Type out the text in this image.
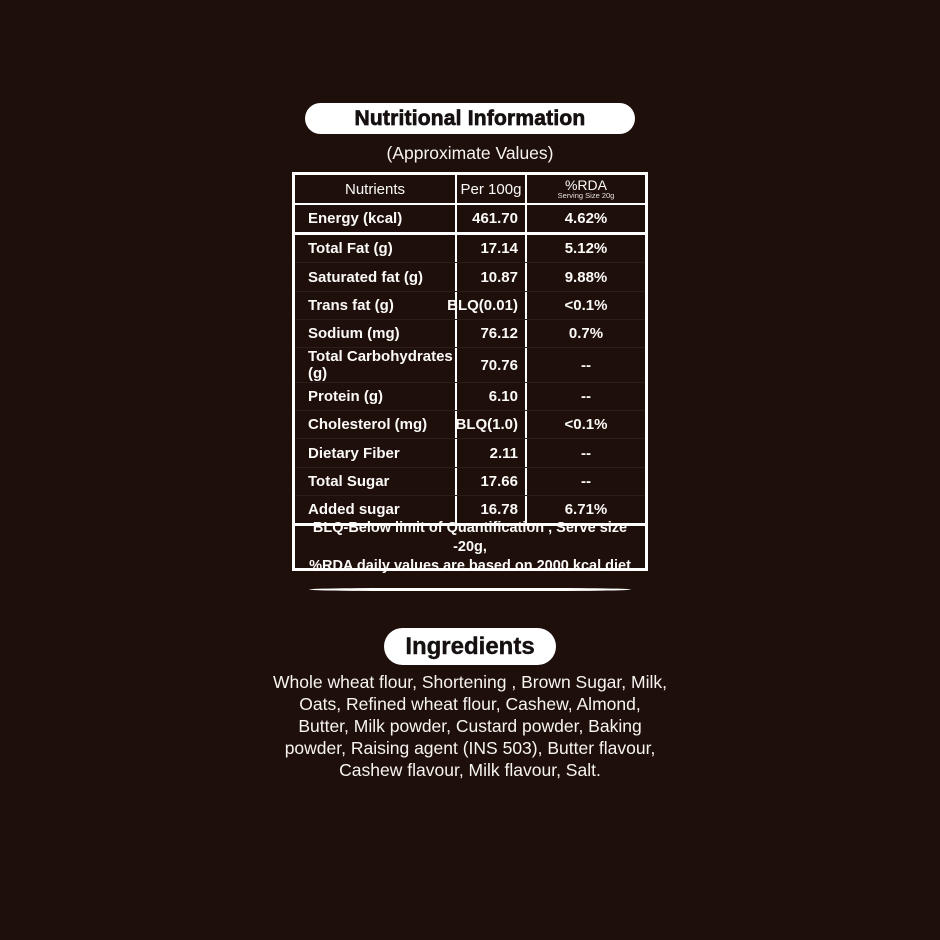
Nutritional Information
(Approximate Values)
Nutrients	Per 100g	%RDA
Serving Size 20g
Energy (kcal)	461.70	4.62%
Total Fat (g)	17.14	5.12%
Saturated fat (g)	10.87	9.88%
Trans fat (g)	BLQ(0.01)	<0.1%
Sodium (mg)	76.12	0.7%
Total Carbohydrates (g)	70.76	--
Protein (g)	6.10	--
Cholesterol (mg)	BLQ(1.0)	<0.1%
Dietary Fiber	2.11	--
Total Sugar	17.66	--
Added sugar	16.78	6.71%
BLQ-Below limit of Quantification , Serve size -20g,
%RDA daily values are based on 2000 kcal diet
Ingredients
Whole wheat flour, Shortening , Brown Sugar, Milk, Oats, Refined wheat flour, Cashew, Almond, Butter, Milk powder, Custard powder, Baking powder, Raising agent (INS 503), Butter flavour, Cashew flavour, Milk flavour, Salt.
